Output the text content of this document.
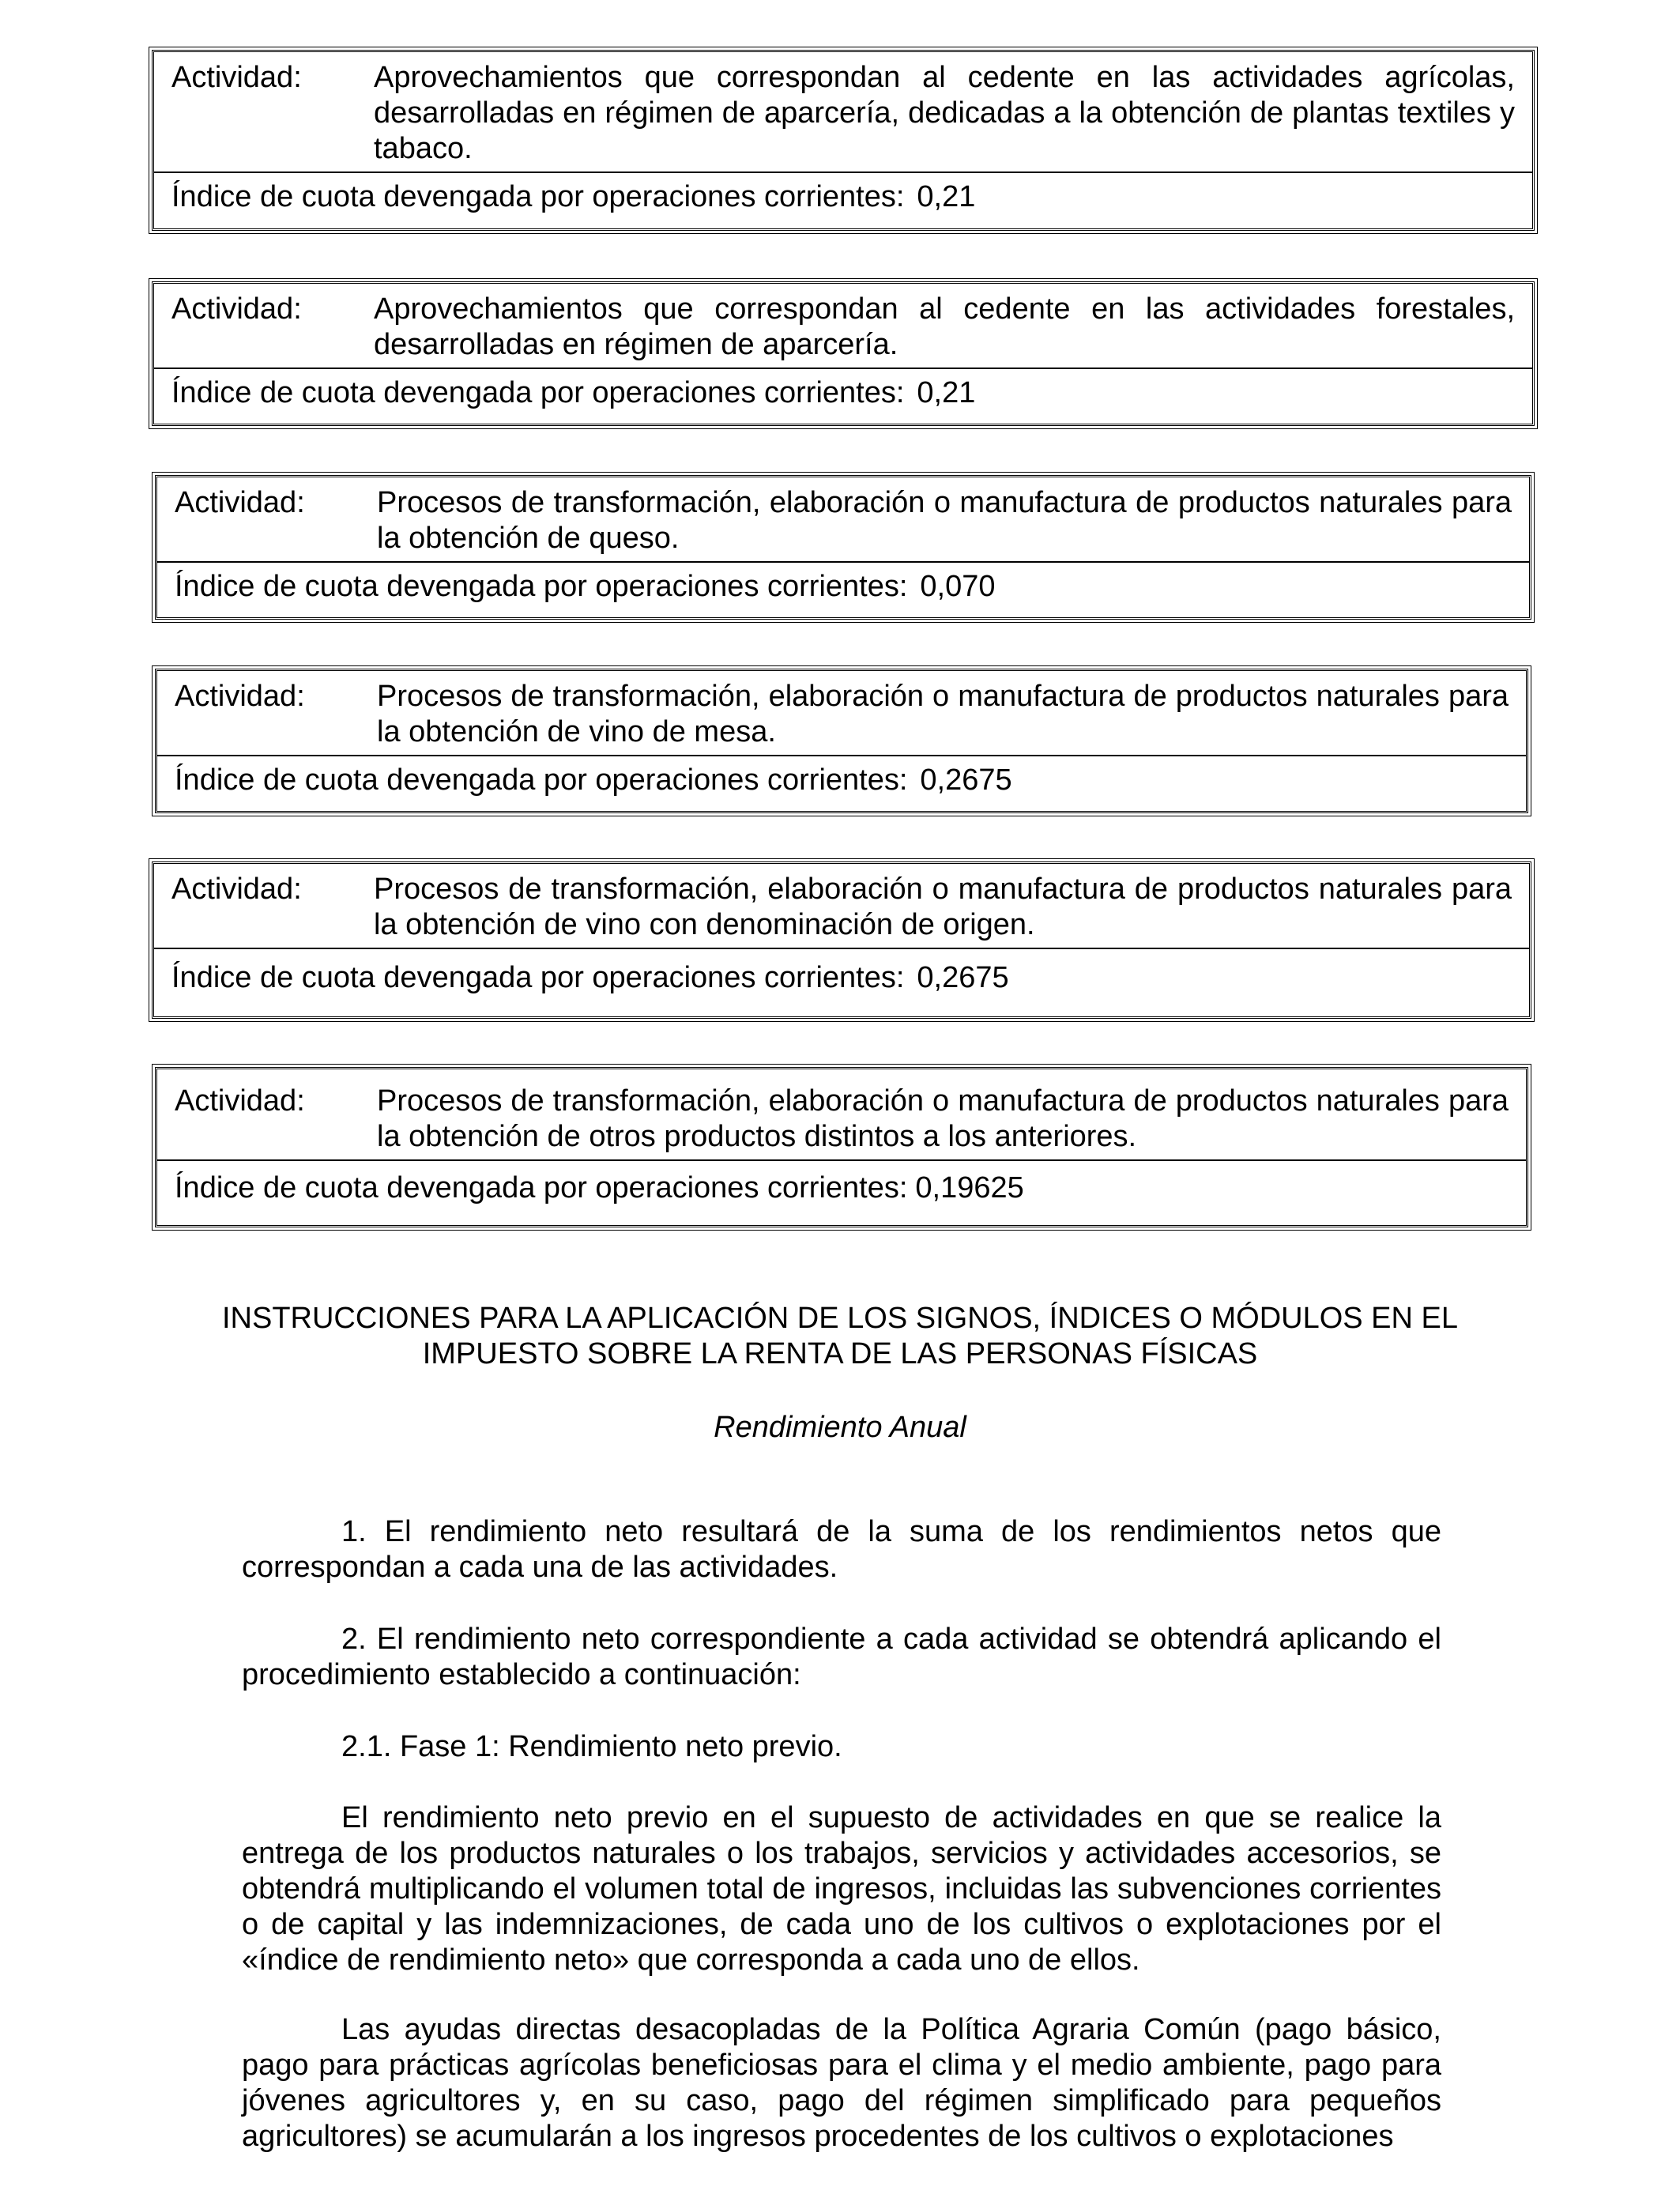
Actividad:	Aprovechamientos que correspondan al cedente en las actividades agrícolas, desarrolladas en régimen de aparcería, dedicadas a la obtención de plantas textiles y tabaco.
Índice de cuota devengada por operaciones corrientes: 0,21
Actividad:	Aprovechamientos que correspondan al cedente en las actividades forestales, desarrolladas en régimen de aparcería.
Índice de cuota devengada por operaciones corrientes: 0,21
Actividad:	Procesos de transformación, elaboración o manufactura de productos naturales para la obtención de queso.
Índice de cuota devengada por operaciones corrientes: 0,070
Actividad:	Procesos de transformación, elaboración o manufactura de productos naturales para la obtención de vino de mesa.
Índice de cuota devengada por operaciones corrientes: 0,2675
Actividad:	Procesos de transformación, elaboración o manufactura de productos naturales para la obtención de vino con denominación de origen.
Índice de cuota devengada por operaciones corrientes: 0,2675
Actividad:	Procesos de transformación, elaboración o manufactura de productos naturales para la obtención de otros productos distintos a los anteriores.
Índice de cuota devengada por operaciones corrientes: 0,19625
INSTRUCCIONES PARA LA APLICACIÓN DE LOS SIGNOS, ÍNDICES O MÓDULOS EN EL
IMPUESTO SOBRE LA RENTA DE LAS PERSONAS FÍSICAS
Rendimiento Anual
1. El rendimiento neto resultará de la suma de los rendimientos netos que correspondan a cada una de las actividades.
2. El rendimiento neto correspondiente a cada actividad se obtendrá aplicando el procedimiento establecido a continuación:
2.1. Fase 1: Rendimiento neto previo.
El rendimiento neto previo en el supuesto de actividades en que se realice la entrega de los productos naturales o los trabajos, servicios y actividades accesorios, se obtendrá multiplicando el volumen total de ingresos, incluidas las subvenciones corrientes o de capital y las indemnizaciones, de cada uno de los cultivos o explotaciones por el «índice de rendimiento neto» que corresponda a cada uno de ellos.
Las ayudas directas desacopladas de la Política Agraria Común (pago básico, pago para prácticas agrícolas beneficiosas para el clima y el medio ambiente, pago para jóvenes agricultores y, en su caso, pago del régimen simplificado para pequeños agricultores) se acumularán a los ingresos procedentes de los cultivos o explotaciones
